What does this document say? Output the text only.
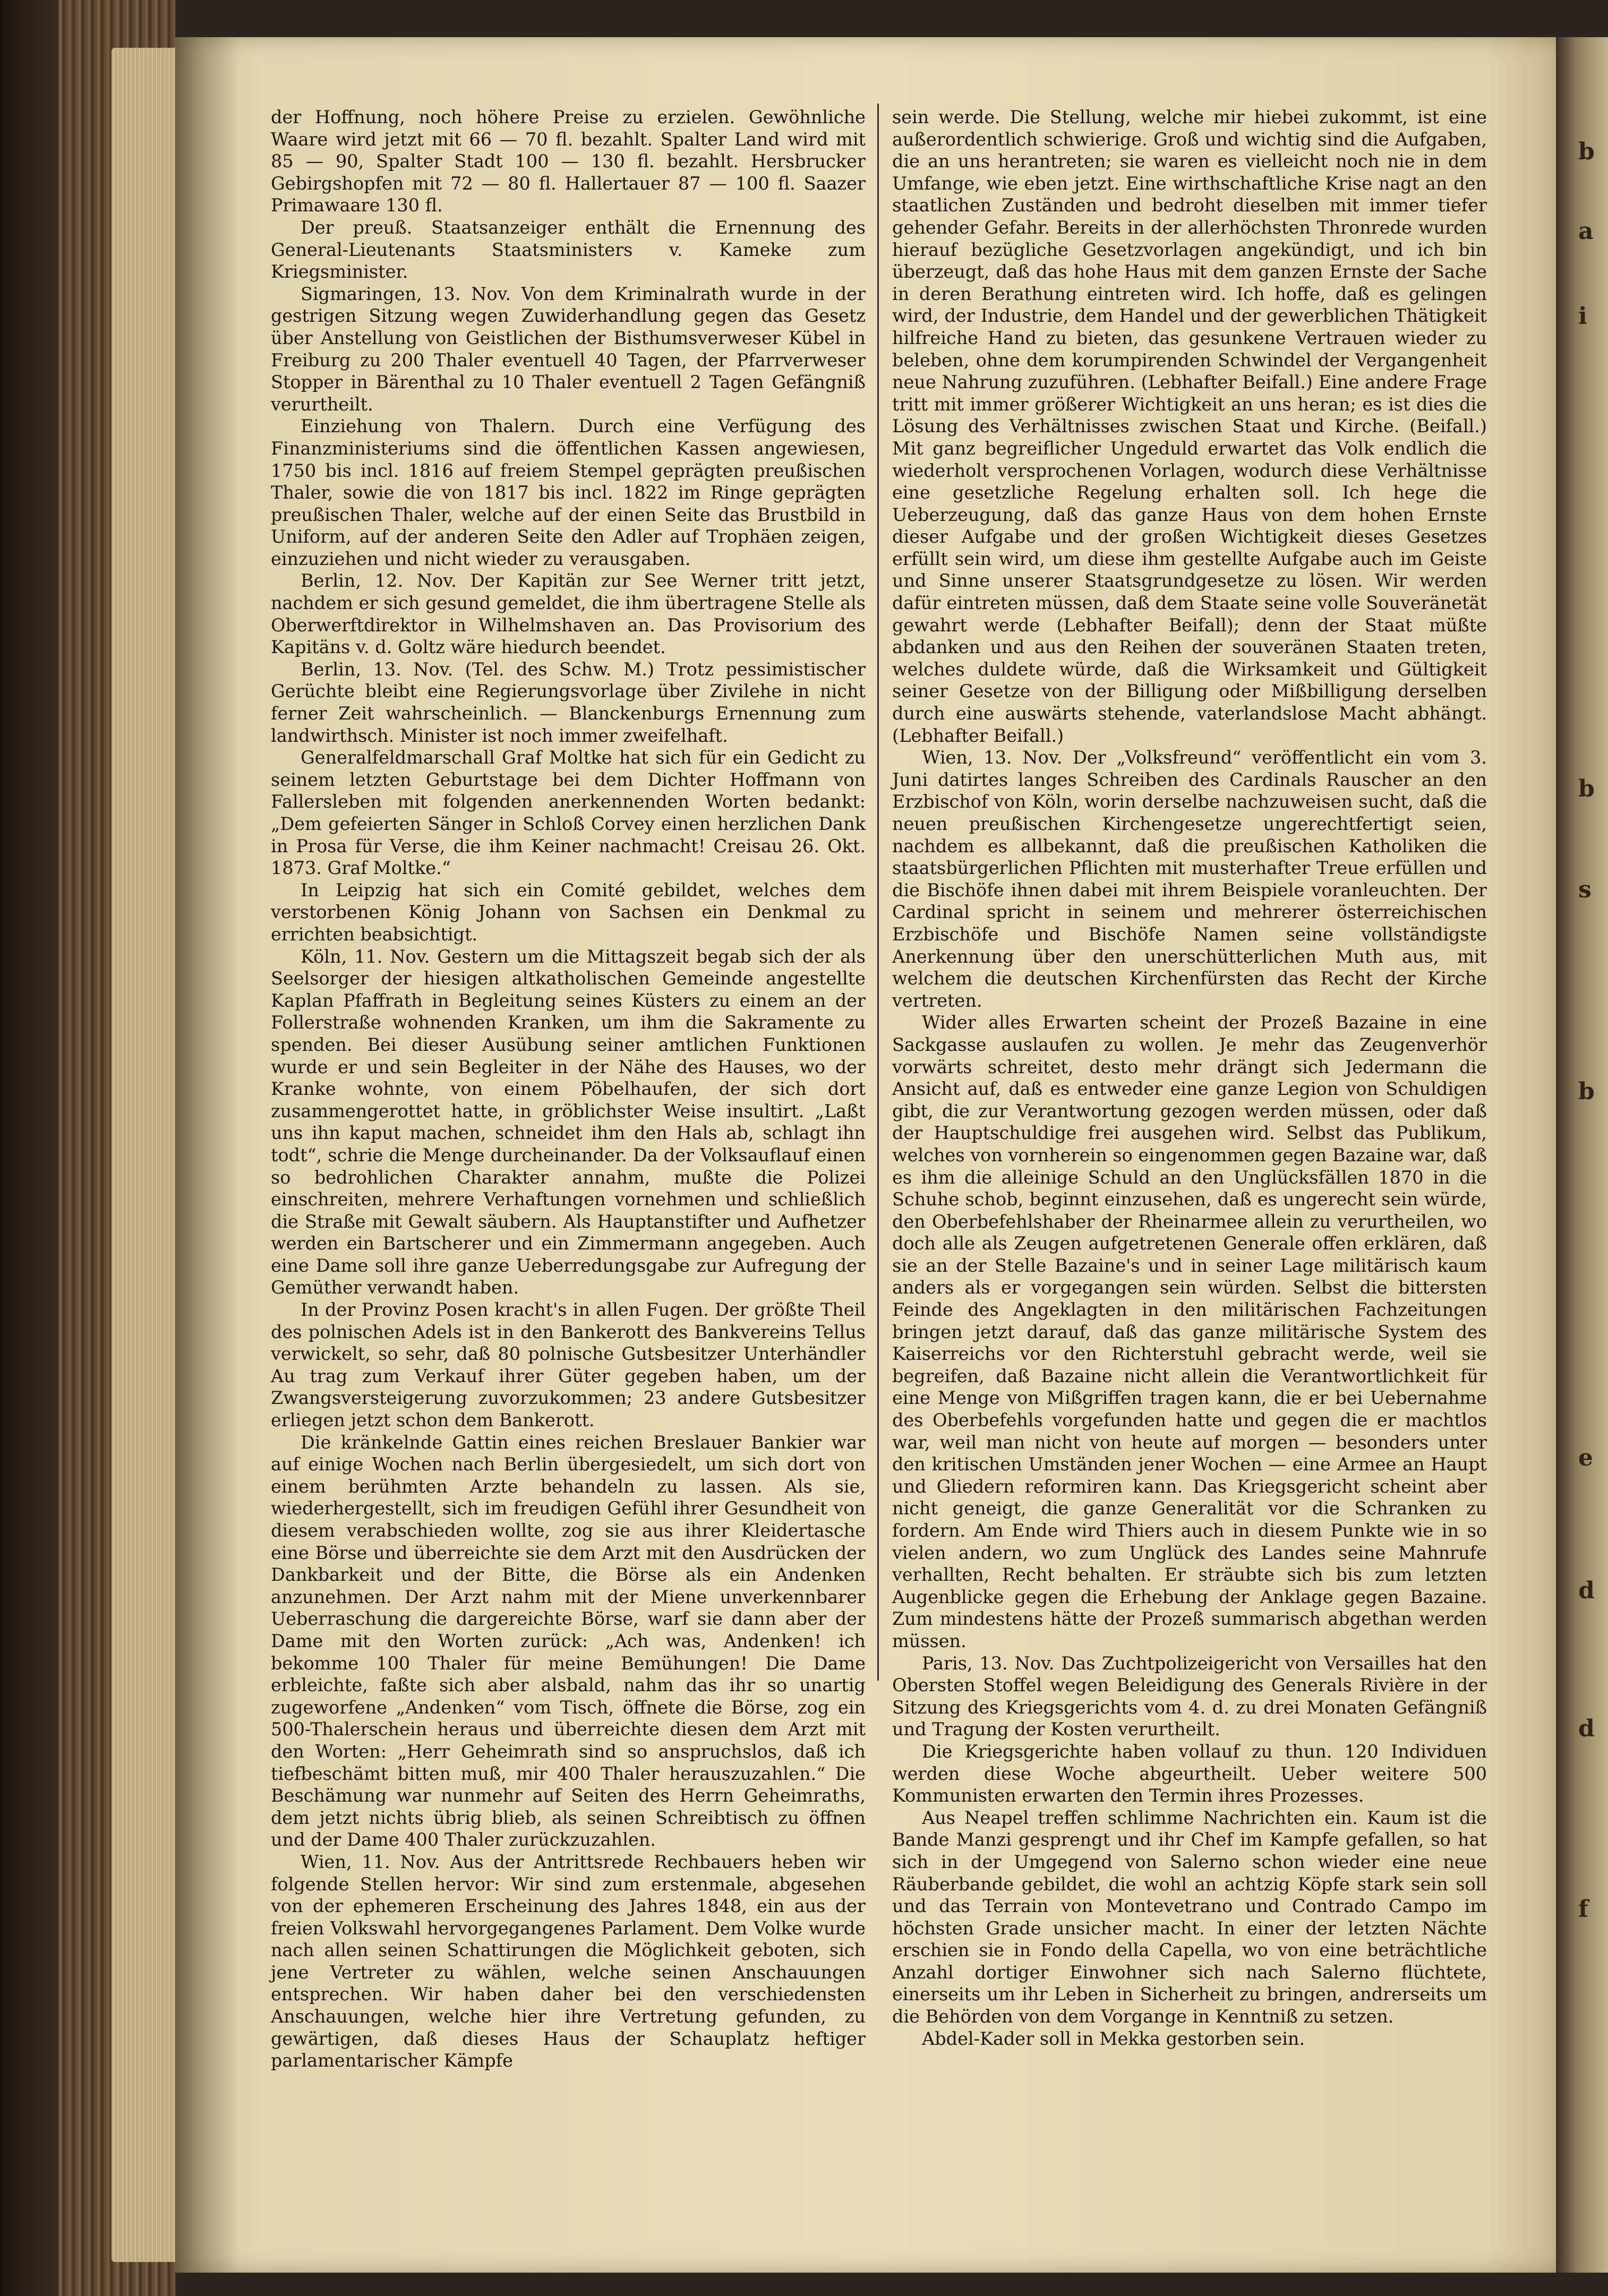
der Hoffnung, noch höhere Preise zu erzielen. Gewöhnliche Waare wird jetzt mit 66 — 70 fl. bezahlt. Spalter Land wird mit 85 — 90, Spalter Stadt 100 — 130 fl. bezahlt. Hersbrucker Gebirgshopfen mit 72 — 80 fl. Hallertauer 87 — 100 fl. Saazer Primawaare 130 fl.

Der preuß. Staatsanzeiger enthält die Ernennung des General-Lieutenants Staatsministers v. Kameke zum Kriegsminister.

Sigmaringen, 13. Nov. Von dem Kriminalrath wurde in der gestrigen Sitzung wegen Zuwiderhandlung gegen das Gesetz über Anstellung von Geistlichen der Bisthumsverweser Kübel in Freiburg zu 200 Thaler eventuell 40 Tagen, der Pfarrverweser Stopper in Bärenthal zu 10 Thaler eventuell 2 Tagen Gefängniß verurtheilt.

Einziehung von Thalern. Durch eine Verfügung des Finanzministeriums sind die öffentlichen Kassen angewiesen, 1750 bis incl. 1816 auf freiem Stempel geprägten preußischen Thaler, sowie die von 1817 bis incl. 1822 im Ringe geprägten preußischen Thaler, welche auf der einen Seite das Brustbild in Uniform, auf der anderen Seite den Adler auf Trophäen zeigen, einzuziehen und nicht wieder zu verausgaben.

Berlin, 12. Nov. Der Kapitän zur See Werner tritt jetzt, nachdem er sich gesund gemeldet, die ihm übertragene Stelle als Oberwerftdirektor in Wilhelmshaven an. Das Provisorium des Kapitäns v. d. Goltz wäre hiedurch beendet.

Berlin, 13. Nov. (Tel. des Schw. M.) Trotz pessimistischer Gerüchte bleibt eine Regierungsvorlage über Zivilehe in nicht ferner Zeit wahrscheinlich. — Blanckenburgs Ernennung zum landwirthsch. Minister ist noch immer zweifelhaft.

Generalfeldmarschall Graf Moltke hat sich für ein Gedicht zu seinem letzten Geburtstage bei dem Dichter Hoffmann von Fallersleben mit folgenden anerkennenden Worten bedankt: „Dem gefeierten Sänger in Schloß Corvey einen herzlichen Dank in Prosa für Verse, die ihm Keiner nachmacht! Creisau 26. Okt. 1873. Graf Moltke.“

In Leipzig hat sich ein Comité gebildet, welches dem verstorbenen König Johann von Sachsen ein Denkmal zu errichten beabsichtigt.

Köln, 11. Nov. Gestern um die Mittagszeit begab sich der als Seelsorger der hiesigen altkatholischen Gemeinde angestellte Kaplan Pfaffrath in Begleitung seines Küsters zu einem an der Follerstraße wohnenden Kranken, um ihm die Sakramente zu spenden. Bei dieser Ausübung seiner amtlichen Funktionen wurde er und sein Begleiter in der Nähe des Hauses, wo der Kranke wohnte, von einem Pöbelhaufen, der sich dort zusammengerottet hatte, in gröblichster Weise insultirt. „Laßt uns ihn kaput machen, schneidet ihm den Hals ab, schlagt ihn todt“, schrie die Menge durcheinander. Da der Volksauflauf einen so bedrohlichen Charakter annahm, mußte die Polizei einschreiten, mehrere Verhaftungen vornehmen und schließlich die Straße mit Gewalt säubern. Als Hauptanstifter und Aufhetzer werden ein Bartscherer und ein Zimmermann angegeben. Auch eine Dame soll ihre ganze Ueberredungsgabe zur Aufregung der Gemüther verwandt haben.

In der Provinz Posen kracht's in allen Fugen. Der größte Theil des polnischen Adels ist in den Bankerott des Bankvereins Tellus verwickelt, so sehr, daß 80 polnische Gutsbesitzer Unterhändler Au trag zum Verkauf ihrer Güter gegeben haben, um der Zwangsversteigerung zuvorzukommen; 23 andere Gutsbesitzer erliegen jetzt schon dem Bankerott.

Die kränkelnde Gattin eines reichen Breslauer Bankier war auf einige Wochen nach Berlin übergesiedelt, um sich dort von einem berühmten Arzte behandeln zu lassen. Als sie, wiederhergestellt, sich im freudigen Gefühl ihrer Gesundheit von diesem verabschieden wollte, zog sie aus ihrer Kleidertasche eine Börse und überreichte sie dem Arzt mit den Ausdrücken der Dankbarkeit und der Bitte, die Börse als ein Andenken anzunehmen. Der Arzt nahm mit der Miene unverkennbarer Ueberraschung die dargereichte Börse, warf sie dann aber der Dame mit den Worten zurück: „Ach was, Andenken! ich bekomme 100 Thaler für meine Bemühungen! Die Dame erbleichte, faßte sich aber alsbald, nahm das ihr so unartig zugeworfene „Andenken“ vom Tisch, öffnete die Börse, zog ein 500-Thalerschein heraus und überreichte diesen dem Arzt mit den Worten: „Herr Geheimrath sind so anspruchslos, daß ich tiefbeschämt bitten muß, mir 400 Thaler herauszuzahlen.“ Die Beschämung war nunmehr auf Seiten des Herrn Geheimraths, dem jetzt nichts übrig blieb, als seinen Schreibtisch zu öffnen und der Dame 400 Thaler zurückzuzahlen.

Wien, 11. Nov. Aus der Antrittsrede Rechbauers heben wir folgende Stellen hervor: Wir sind zum erstenmale, abgesehen von der ephemeren Erscheinung des Jahres 1848, ein aus der freien Volkswahl hervorgegangenes Parlament. Dem Volke wurde nach allen seinen Schattirungen die Möglichkeit geboten, sich jene Vertreter zu wählen, welche seinen Anschauungen entsprechen. Wir haben daher bei den verschiedensten Anschauungen, welche hier ihre Vertretung gefunden, zu gewärtigen, daß dieses Haus der Schauplatz heftiger parlamentarischer Kämpfe

sein werde. Die Stellung, welche mir hiebei zukommt, ist eine außerordentlich schwierige. Groß und wichtig sind die Aufgaben, die an uns herantreten; sie waren es vielleicht noch nie in dem Umfange, wie eben jetzt. Eine wirthschaftliche Krise nagt an den staatlichen Zuständen und bedroht dieselben mit immer tiefer gehender Gefahr. Bereits in der allerhöchsten Thronrede wurden hierauf bezügliche Gesetzvorlagen angekündigt, und ich bin überzeugt, daß das hohe Haus mit dem ganzen Ernste der Sache in deren Berathung eintreten wird. Ich hoffe, daß es gelingen wird, der Industrie, dem Handel und der gewerblichen Thätigkeit hilfreiche Hand zu bieten, das gesunkene Vertrauen wieder zu beleben, ohne dem korumpirenden Schwindel der Vergangenheit neue Nahrung zuzuführen. (Lebhafter Beifall.) Eine andere Frage tritt mit immer größerer Wichtigkeit an uns heran; es ist dies die Lösung des Verhältnisses zwischen Staat und Kirche. (Beifall.) Mit ganz begreiflicher Ungeduld erwartet das Volk endlich die wiederholt versprochenen Vorlagen, wodurch diese Verhältnisse eine gesetzliche Regelung erhalten soll. Ich hege die Ueberzeugung, daß das ganze Haus von dem hohen Ernste dieser Aufgabe und der großen Wichtigkeit dieses Gesetzes erfüllt sein wird, um diese ihm gestellte Aufgabe auch im Geiste und Sinne unserer Staatsgrundgesetze zu lösen. Wir werden dafür eintreten müssen, daß dem Staate seine volle Souveränetät gewahrt werde (Lebhafter Beifall); denn der Staat müßte abdanken und aus den Reihen der souveränen Staaten treten, welches duldete würde, daß die Wirksamkeit und Gültigkeit seiner Gesetze von der Billigung oder Mißbilligung derselben durch eine auswärts stehende, vaterlandslose Macht abhängt. (Lebhafter Beifall.)

Wien, 13. Nov. Der „Volksfreund“ veröffentlicht ein vom 3. Juni datirtes langes Schreiben des Cardinals Rauscher an den Erzbischof von Köln, worin derselbe nachzuweisen sucht, daß die neuen preußischen Kirchengesetze ungerechtfertigt seien, nachdem es allbekannt, daß die preußischen Katholiken die staatsbürgerlichen Pflichten mit musterhafter Treue erfüllen und die Bischöfe ihnen dabei mit ihrem Beispiele voranleuchten. Der Cardinal spricht in seinem und mehrerer österreichischen Erzbischöfe und Bischöfe Namen seine vollständigste Anerkennung über den unerschütterlichen Muth aus, mit welchem die deutschen Kirchenfürsten das Recht der Kirche vertreten.

Wider alles Erwarten scheint der Prozeß Bazaine in eine Sackgasse auslaufen zu wollen. Je mehr das Zeugenverhör vorwärts schreitet, desto mehr drängt sich Jedermann die Ansicht auf, daß es entweder eine ganze Legion von Schuldigen gibt, die zur Verantwortung gezogen werden müssen, oder daß der Hauptschuldige frei ausgehen wird. Selbst das Publikum, welches von vornherein so eingenommen gegen Bazaine war, daß es ihm die alleinige Schuld an den Unglücksfällen 1870 in die Schuhe schob, beginnt einzusehen, daß es ungerecht sein würde, den Oberbefehlshaber der Rheinarmee allein zu verurtheilen, wo doch alle als Zeugen aufgetretenen Generale offen erklären, daß sie an der Stelle Bazaine's und in seiner Lage militärisch kaum anders als er vorgegangen sein würden. Selbst die bittersten Feinde des Angeklagten in den militärischen Fachzeitungen bringen jetzt darauf, daß das ganze militärische System des Kaiserreichs vor den Richterstuhl gebracht werde, weil sie begreifen, daß Bazaine nicht allein die Verantwortlichkeit für eine Menge von Mißgriffen tragen kann, die er bei Uebernahme des Oberbefehls vorgefunden hatte und gegen die er machtlos war, weil man nicht von heute auf morgen — besonders unter den kritischen Umständen jener Wochen — eine Armee an Haupt und Gliedern reformiren kann. Das Kriegsgericht scheint aber nicht geneigt, die ganze Generalität vor die Schranken zu fordern. Am Ende wird Thiers auch in diesem Punkte wie in so vielen andern, wo zum Unglück des Landes seine Mahnrufe verhallten, Recht behalten. Er sträubte sich bis zum letzten Augenblicke gegen die Erhebung der Anklage gegen Bazaine. Zum mindestens hätte der Prozeß summarisch abgethan werden müssen.

Paris, 13. Nov. Das Zuchtpolizeigericht von Versailles hat den Obersten Stoffel wegen Beleidigung des Generals Rivière in der Sitzung des Kriegsgerichts vom 4. d. zu drei Monaten Gefängniß und Tragung der Kosten verurtheilt.

Die Kriegsgerichte haben vollauf zu thun. 120 Individuen werden diese Woche abgeurtheilt. Ueber weitere 500 Kommunisten erwarten den Termin ihres Prozesses.

Aus Neapel treffen schlimme Nachrichten ein. Kaum ist die Bande Manzi gesprengt und ihr Chef im Kampfe gefallen, so hat sich in der Umgegend von Salerno schon wieder eine neue Räuberbande gebildet, die wohl an achtzig Köpfe stark sein soll und das Terrain von Montevetrano und Contrado Campo im höchsten Grade unsicher macht. In einer der letzten Nächte erschien sie in Fondo della Capella, wo von eine beträchtliche Anzahl dortiger Einwohner sich nach Salerno flüchtete, einerseits um ihr Leben in Sicherheit zu bringen, andrerseits um die Behörden von dem Vorgange in Kenntniß zu setzen.

Abdel-Kader soll in Mekka gestorben sein.

b
a
i
b
s
b
e
d
d
f
